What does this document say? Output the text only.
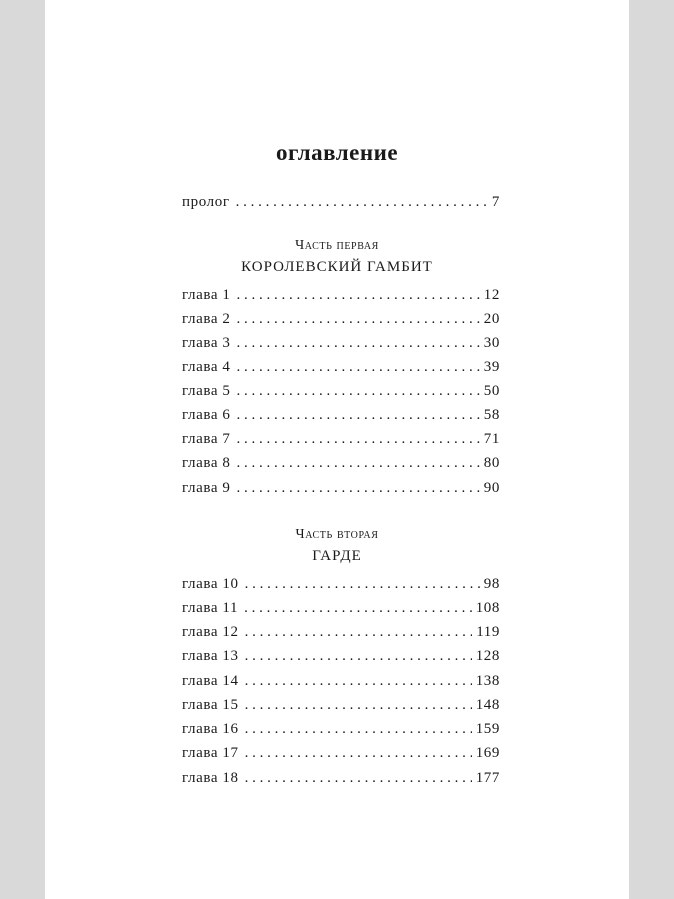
оглавление
пролог . . .	7
Часть первая
КОРОЛЕВСКИЙ ГАМБИТ
глава 1 . . .	12
глава 2 . . .	20
глава 3 . . .	30
глава 4 . . .	39
глава 5 . . .	50
глава 6 . . .	58
глава 7 . . .	71
глава 8 . . .	80
глава 9 . . .	90
Часть вторая
ГАРДЕ
глава 10 . . .	98
глава 11 . . .	108
глава 12 . . .	119
глава 13 . . .	128
глава 14 . . .	138
глава 15 . . .	148
глава 16 . . .	159
глава 17 . . .	169
глава 18 . . .	177
